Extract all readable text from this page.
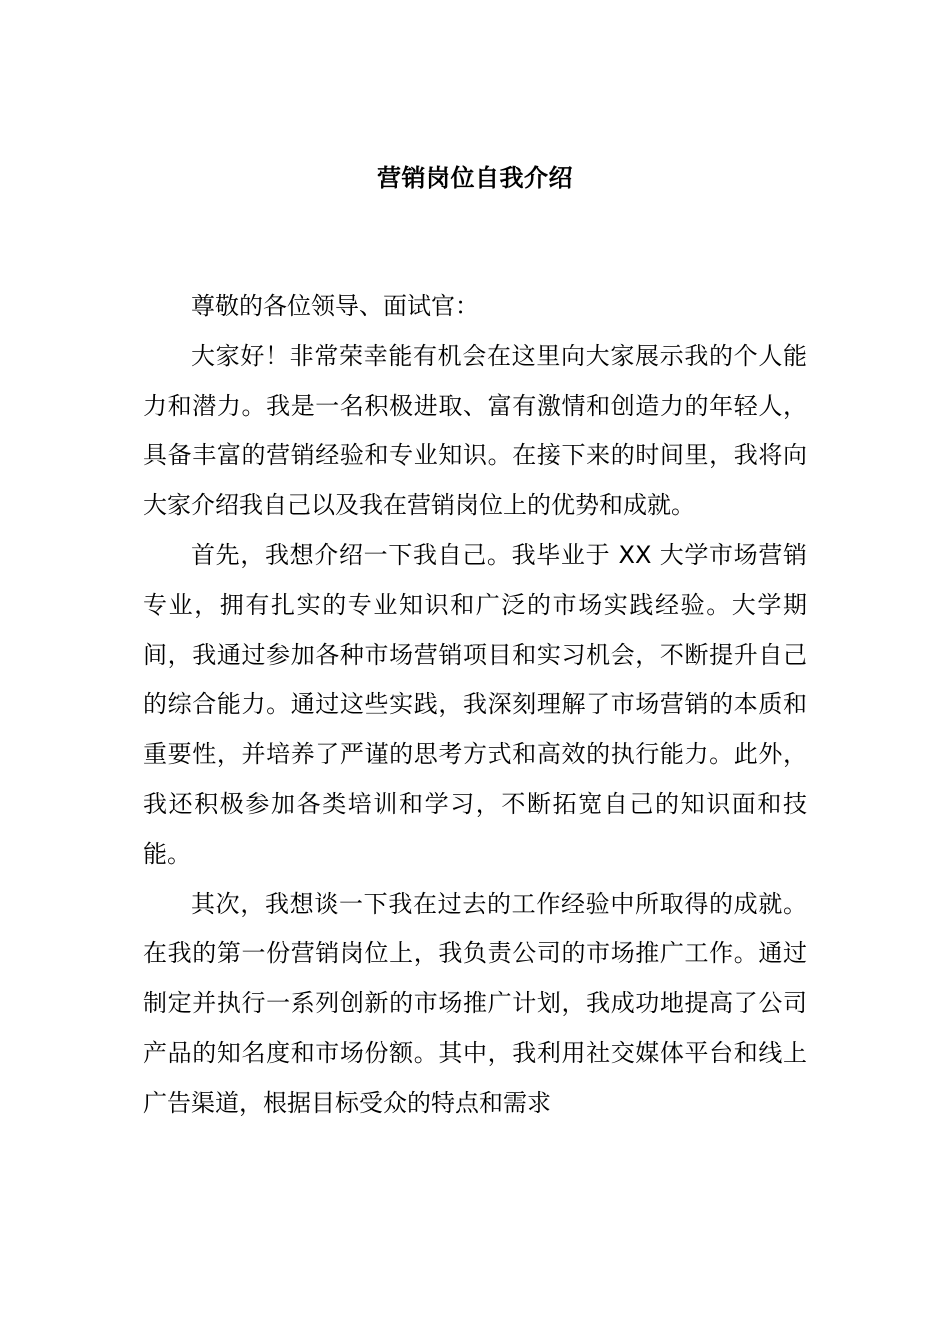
营销岗位自我介绍

尊敬的各位领导、面试官：

大家好！非常荣幸能有机会在这里向大家展示我的个人能力和潜力。我是一名积极进取、富有激情和创造力的年轻人，具备丰富的营销经验和专业知识。在接下来的时间里，我将向大家介绍我自己以及我在营销岗位上的优势和成就。

首先，我想介绍一下我自己。我毕业于 XX 大学市场营销专业，拥有扎实的专业知识和广泛的市场实践经验。大学期间，我通过参加各种市场营销项目和实习机会，不断提升自己的综合能力。通过这些实践，我深刻理解了市场营销的本质和重要性，并培养了严谨的思考方式和高效的执行能力。此外，我还积极参加各类培训和学习，不断拓宽自己的知识面和技能。

其次，我想谈一下我在过去的工作经验中所取得的成就。在我的第一份营销岗位上，我负责公司的市场推广工作。通过制定并执行一系列创新的市场推广计划，我成功地提高了公司产品的知名度和市场份额。其中，我利用社交媒体平台和线上广告渠道，根据目标受众的特点和需求
